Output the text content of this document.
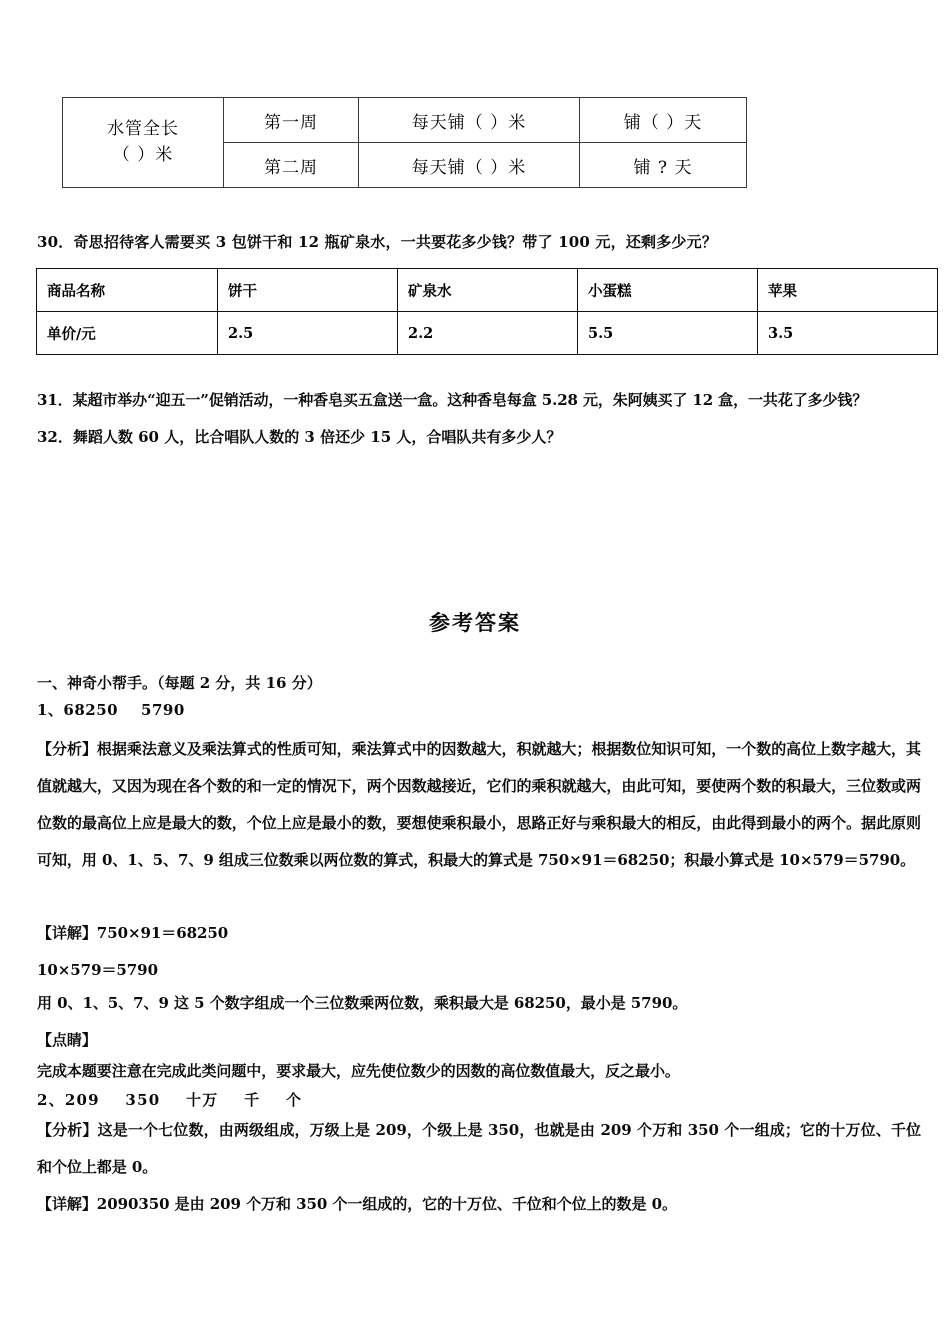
水管全长
（ ）米	第一周	每天铺（ ）米	铺（ ）天
	第二周	每天铺（ ）米	铺 ? 天
30．奇思招待客人需要买 3 包饼干和 12 瓶矿泉水，一共要花多少钱？带了 100 元，还剩多少元？
商品名称	饼干	矿泉水	小蛋糕	苹果
单价/元	2.5	2.2	5.5	3.5
31．某超市举办“迎五一”促销活动，一种香皂买五盒送一盒。这种香皂每盒 5.28 元，朱阿姨买了 12 盒，一共花了多少钱？
32．舞蹈人数 60 人，比合唱队人数的 3 倍还少 15 人，合唱队共有多少人？
参考答案
一、神奇小帮手。（每题 2 分，共 16 分）
1、68250    5790
【分析】根据乘法意义及乘法算式的性质可知，乘法算式中的因数越大，积就越大；根据数位知识可知，一个数的高位上数字越大，其值就越大，又因为现在各个数的和一定的情况下，两个因数越接近，它们的乘积就越大，由此可知，要使两个数的积最大，三位数或两位数的最高位上应是最大的数，个位上应是最小的数，要想使乘积最小，思路正好与乘积最大的相反，由此得到最小的两个。据此原则可知，用 0、1、5、7、9 组成三位数乘以两位数的算式，积最大的算式是 750×91＝68250；积最小算式是 10×579＝5790。
【详解】750×91＝68250
10×579＝5790
用 0、1、5、7、9 这 5 个数字组成一个三位数乘两位数，乘积最大是 68250，最小是 5790。
【点睛】
完成本题要注意在完成此类问题中，要求最大，应先使位数少的因数的高位数值最大，反之最小。
2、209    350    十万    千    个
【分析】这是一个七位数，由两级组成，万级上是 209，个级上是 350，也就是由 209 个万和 350 个一组成；它的十万位、千位和个位上都是 0。
【详解】2090350 是由 209 个万和 350 个一组成的，它的十万位、千位和个位上的数是 0。
